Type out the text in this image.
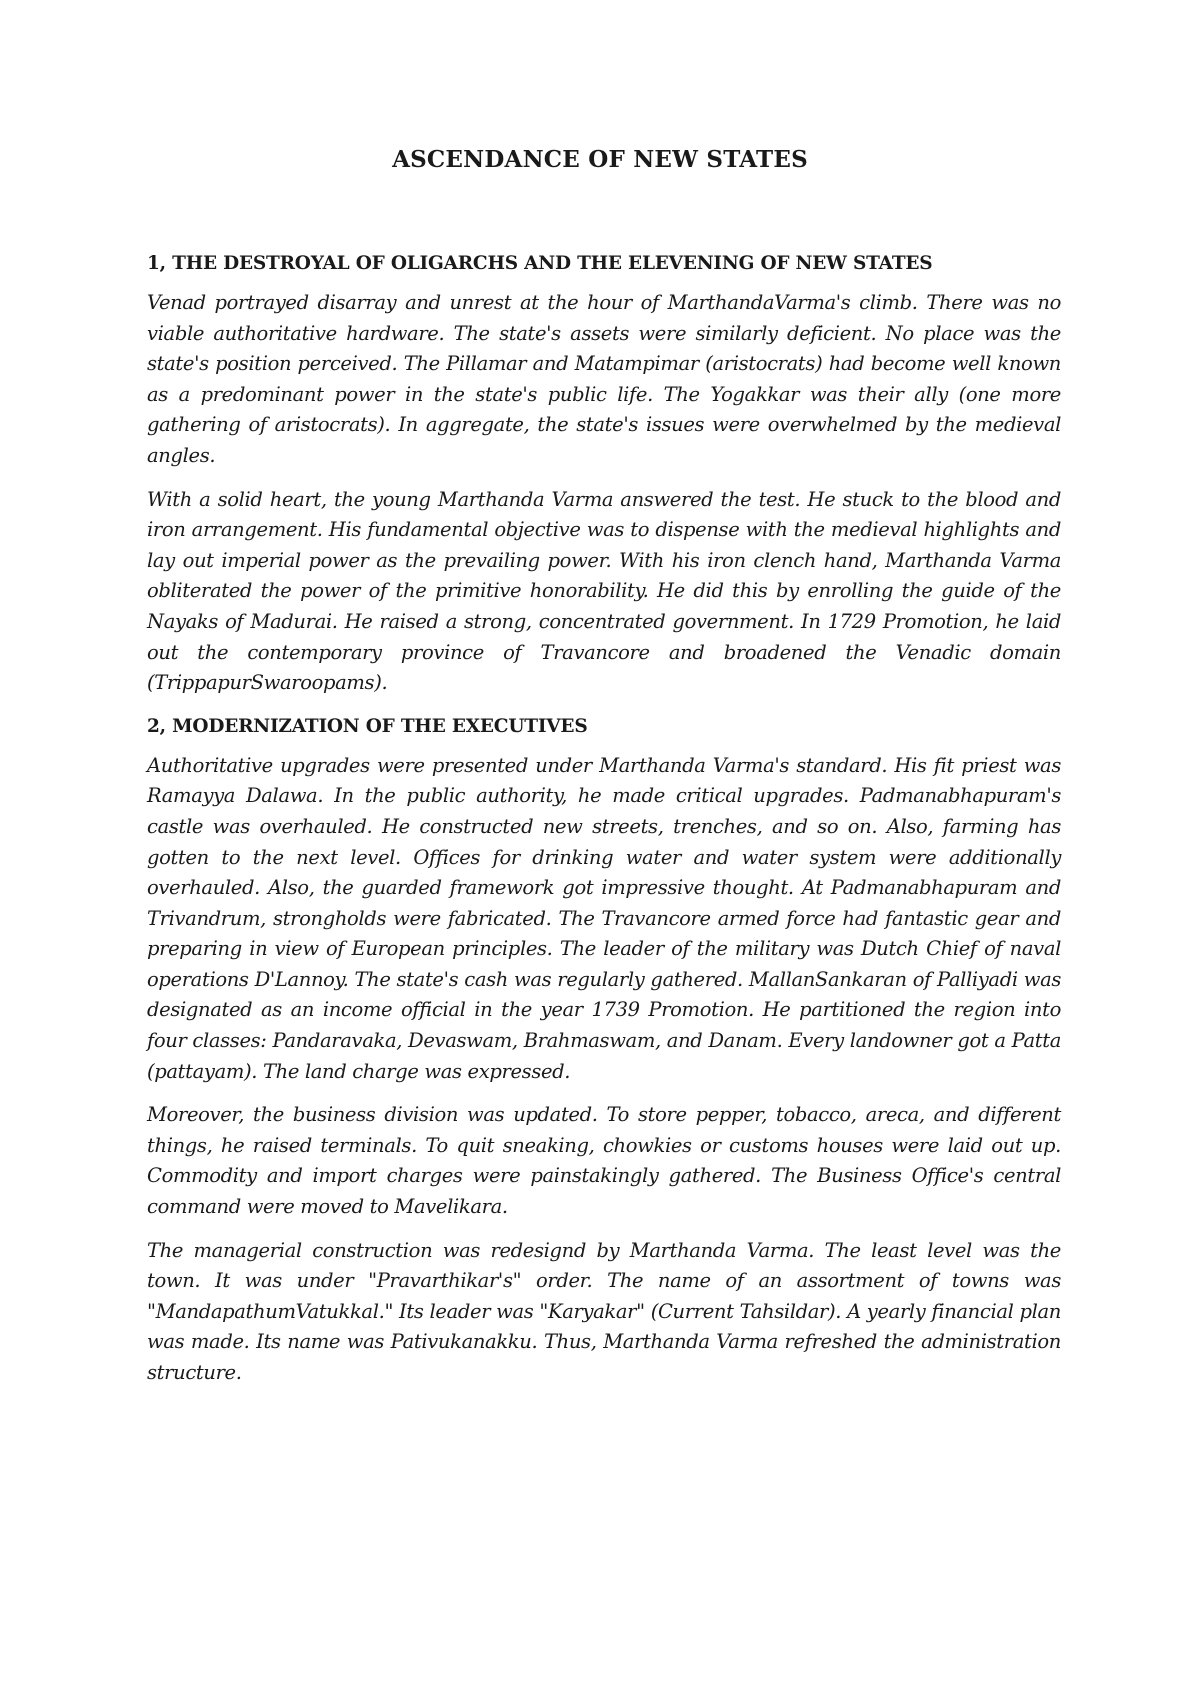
ASCENDANCE OF NEW STATES
1, THE DESTROYAL OF OLIGARCHS AND THE ELEVENING OF NEW STATES

Venad portrayed disarray and unrest at the hour of MarthandaVarma's climb. There was no viable authoritative hardware. The state's assets were similarly deficient. No place was the state's position perceived. The Pillamar and Matampimar (aristocrats) had become well known as a predominant power in the state's public life. The Yogakkar was their ally (one more gathering of aristocrats). In aggregate, the state's issues were overwhelmed by the medieval angles.

With a solid heart, the young Marthanda Varma answered the test. He stuck to the blood and iron arrangement. His fundamental objective was to dispense with the medieval highlights and lay out imperial power as the prevailing power. With his iron clench hand, Marthanda Varma obliterated the power of the primitive honorability. He did this by enrolling the guide of the Nayaks of Madurai. He raised a strong, concentrated government. In 1729 Promotion, he laid out the contemporary province of Travancore and broadened the Venadic domain (TrippapurSwaroopams).

2, MODERNIZATION OF THE EXECUTIVES

Authoritative upgrades were presented under Marthanda Varma's standard. His fit priest was Ramayya Dalawa. In the public authority, he made critical upgrades. Padmanabhapuram's castle was overhauled. He constructed new streets, trenches, and so on. Also, farming has gotten to the next level. Offices for drinking water and water system were additionally overhauled. Also, the guarded framework got impressive thought. At Padmanabhapuram and Trivandrum, strongholds were fabricated. The Travancore armed force had fantastic gear and preparing in view of European principles. The leader of the military was Dutch Chief of naval operations D'Lannoy. The state's cash was regularly gathered. MallanSankaran of Palliyadi was designated as an income official in the year 1739 Promotion. He partitioned the region into four classes: Pandaravaka, Devaswam, Brahmaswam, and Danam. Every landowner got a Patta (pattayam). The land charge was expressed.

Moreover, the business division was updated. To store pepper, tobacco, areca, and different things, he raised terminals. To quit sneaking, chowkies or customs houses were laid out up. Commodity and import charges were painstakingly gathered. The Business Office's central command were moved to Mavelikara.

The managerial construction was redesignd by Marthanda Varma. The least level was the town. It was under "Pravarthikar's" order. The name of an assortment of towns was "MandapathumVatukkal." Its leader was "Karyakar" (Current Tahsildar). A yearly financial plan was made. Its name was Pativukanakku. Thus, Marthanda Varma refreshed the administration structure.
